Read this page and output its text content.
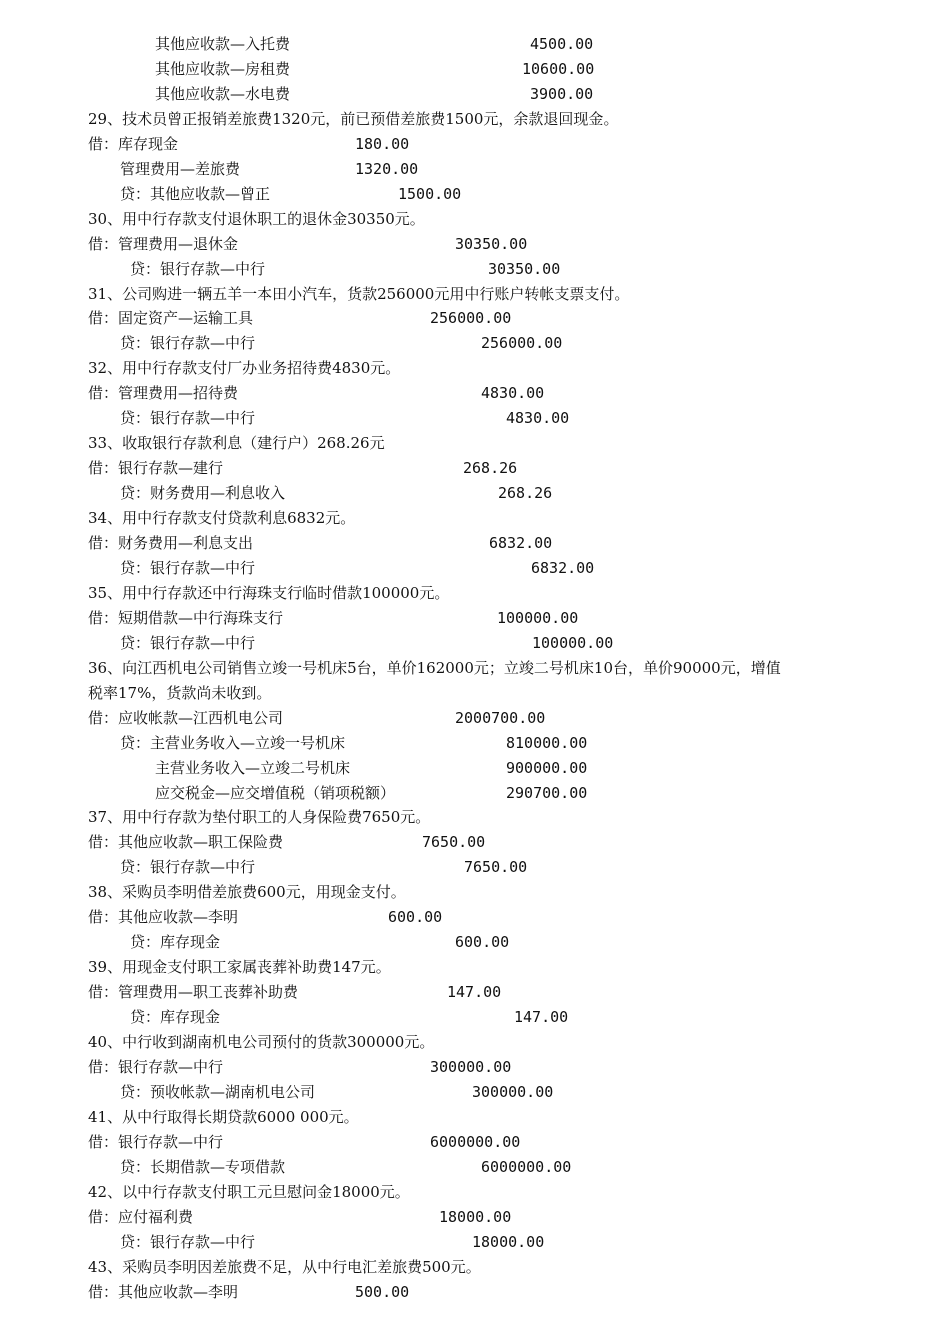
其他应收款—入托费	4500.00
其他应收款—房租费	10600.00
其他应收款—水电费	3900.00
29、技术员曾正报销差旅费1320元，前已预借差旅费1500元，余款退回现金。
借：库存现金	180.00
管理费用—差旅费	1320.00
贷：其他应收款—曾正	1500.00
30、用中行存款支付退休职工的退休金30350元。
借：管理费用—退休金	30350.00
贷：银行存款—中行	30350.00
31、公司购进一辆五羊一本田小汽车，货款256000元用中行账户转帐支票支付。
借：固定资产—运输工具	256000.00
贷：银行存款—中行	256000.00
32、用中行存款支付厂办业务招待费4830元。
借：管理费用—招待费	4830.00
贷：银行存款—中行	4830.00
33、收取银行存款利息（建行户）268.26元
借：银行存款—建行	268.26
贷：财务费用—利息收入	268.26
34、用中行存款支付贷款利息6832元。
借：财务费用—利息支出	6832.00
贷：银行存款—中行	6832.00
35、用中行存款还中行海珠支行临时借款100000元。
借：短期借款—中行海珠支行	100000.00
贷：银行存款—中行	100000.00
36、向江西机电公司销售立竣一号机床5台，单价162000元；立竣二号机床10台，单价90000元，增值
税率17%，货款尚未收到。
借：应收帐款—江西机电公司	2000700.00
贷：主营业务收入—立竣一号机床	810000.00
主营业务收入—立竣二号机床	900000.00
应交税金—应交增值税（销项税额）	290700.00
37、用中行存款为垫付职工的人身保险费7650元。
借：其他应收款—职工保险费	7650.00
贷：银行存款—中行	7650.00
38、采购员李明借差旅费600元，用现金支付。
借：其他应收款—李明	600.00
贷：库存现金	600.00
39、用现金支付职工家属丧葬补助费147元。
借：管理费用—职工丧葬补助费	147.00
贷：库存现金	147.00
40、中行收到湖南机电公司预付的货款300000元。
借：银行存款—中行	300000.00
贷：预收帐款—湖南机电公司	300000.00
41、从中行取得长期贷款6000 000元。
借：银行存款—中行	6000000.00
贷：长期借款—专项借款	6000000.00
42、以中行存款支付职工元旦慰问金18000元。
借：应付福利费	18000.00
贷：银行存款—中行	18000.00
43、采购员李明因差旅费不足，从中行电汇差旅费500元。
借：其他应收款—李明	500.00
